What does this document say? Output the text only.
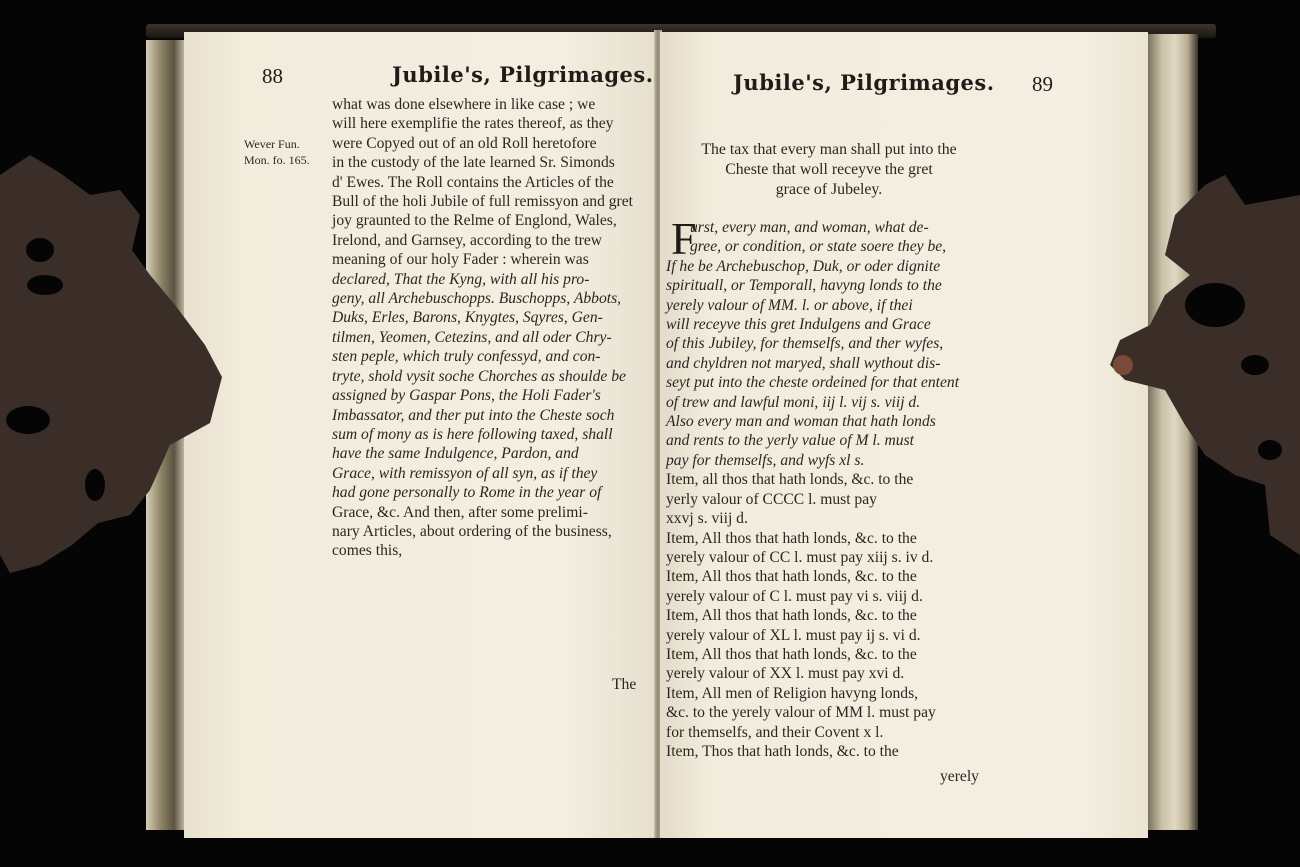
88	Jubile's, Pilgrimages.
Wever Fun.
Mon. fo. 165.
what was done elsewhere in like case ; we
will here exemplifie the rates thereof, as they
were Copyed out of an old Roll heretofore
in the custody of the late learned Sr. Simonds
d' Ewes. The Roll contains the Articles of the
Bull of the holi Jubile of full remissyon and gret
joy graunted to the Relme of Englond, Wales,
Irelond, and Garnsey, according to the trew
meaning of our holy Fader : wherein was
declared, That the Kyng, with all his pro-
geny, all Archebuschopps. Buschopps, Abbots,
Duks, Erles, Barons, Knygtes, Sqyres, Gen-
tilmen, Yeomen, Cetezins, and all oder Chry-
sten peple, which truly confessyd, and con-
tryte, shold vysit soche Chorches as shoulde be
assigned by Gaspar Pons, the Holi Fader's
Imbassator, and ther put into the Cheste soch
sum of mony as is here following taxed, shall
have the same Indulgence, Pardon, and
Grace, with remissyon of all syn, as if they
had gone personally to Rome in the year of
Grace, &c. And then, after some prelimi-
nary Articles, about ordering of the business,
comes this,
The
Jubile's, Pilgrimages. 89
The tax that every man shall put into the
Cheste that woll receyve the gret
grace of Jubeley.
F
urst, every man, and woman, what de-
gree, or condition, or state soere they be,
If he be Archebuschop, Duk, or oder dignite
spirituall, or Temporall, havyng londs to the
yerely valour of MM. l. or above, if thei
will receyve this gret Indulgens and Grace
of this Jubiley, for themselfs, and ther wyfes,
and chyldren not maryed, shall wythout dis-
seyt put into the cheste ordeined for that entent
of trew and lawful moni, iij l. vij s. viij d.
Also every man and woman that hath londs
and rents to the yerly value of M l. must
pay for themselfs, and wyfs xl s.
Item, all thos that hath londs, &c. to the
yerly valour of CCCC l. must pay
xxvj s. viij d.
Item, All thos that hath londs, &c. to the
yerely valour of CC l. must pay xiij s. iv d.
Item, All thos that hath londs, &c. to the
yerely valour of C l. must pay vi s. viij d.
Item, All thos that hath londs, &c. to the
yerely valour of XL l. must pay ij s. vi d.
Item, All thos that hath londs, &c. to the
yerely valour of XX l. must pay xvi d.
Item, All men of Religion havyng londs,
&c. to the yerely valour of MM l. must pay
for themselfs, and their Covent x l.
Item, Thos that hath londs, &c. to the
yerely
